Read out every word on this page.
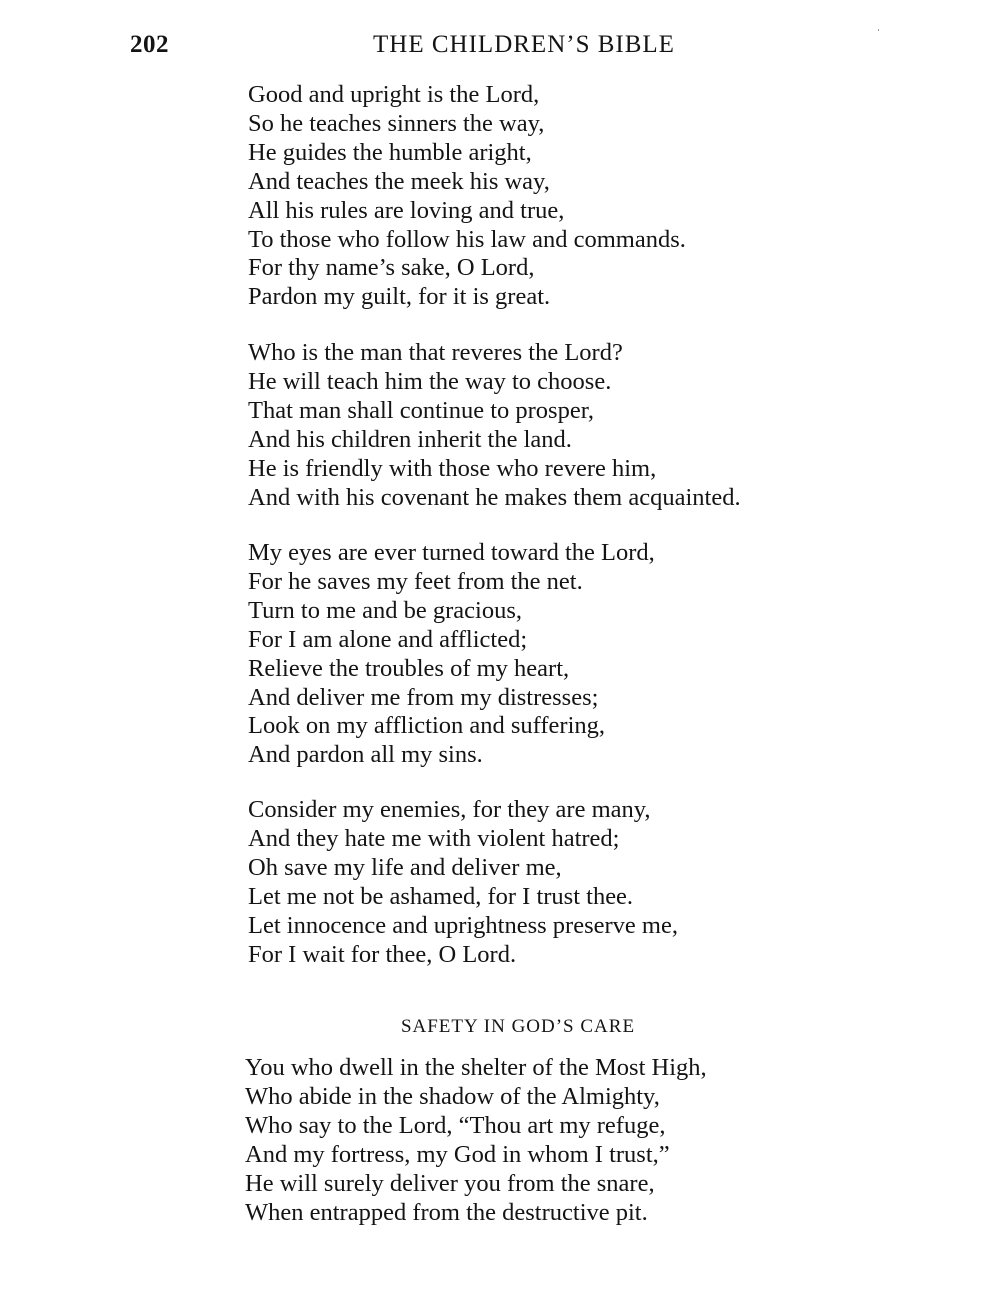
202	THE CHILDREN’S BIBLE
Good and upright is the Lord,
So he teaches sinners the way,
He guides the humble aright,
And teaches the meek his way,
All his rules are loving and true,
To those who follow his law and commands.
For thy name’s sake, O Lord,
Pardon my guilt, for it is great.
Who is the man that reveres the Lord?
He will teach him the way to choose.
That man shall continue to prosper,
And his children inherit the land.
He is friendly with those who revere him,
And with his covenant he makes them acquainted.
My eyes are ever turned toward the Lord,
For he saves my feet from the net.
Turn to me and be gracious,
For I am alone and afflicted;
Relieve the troubles of my heart,
And deliver me from my distresses;
Look on my affliction and suffering,
And pardon all my sins.
Consider my enemies, for they are many,
And they hate me with violent hatred;
Oh save my life and deliver me,
Let me not be ashamed, for I trust thee.
Let innocence and uprightness preserve me,
For I wait for thee, O Lord.
SAFETY IN GOD’S CARE
You who dwell in the shelter of the Most High,
Who abide in the shadow of the Almighty,
Who say to the Lord, “Thou art my refuge,
And my fortress, my God in whom I trust,”
He will surely deliver you from the snare,
When entrapped from the destructive pit.
